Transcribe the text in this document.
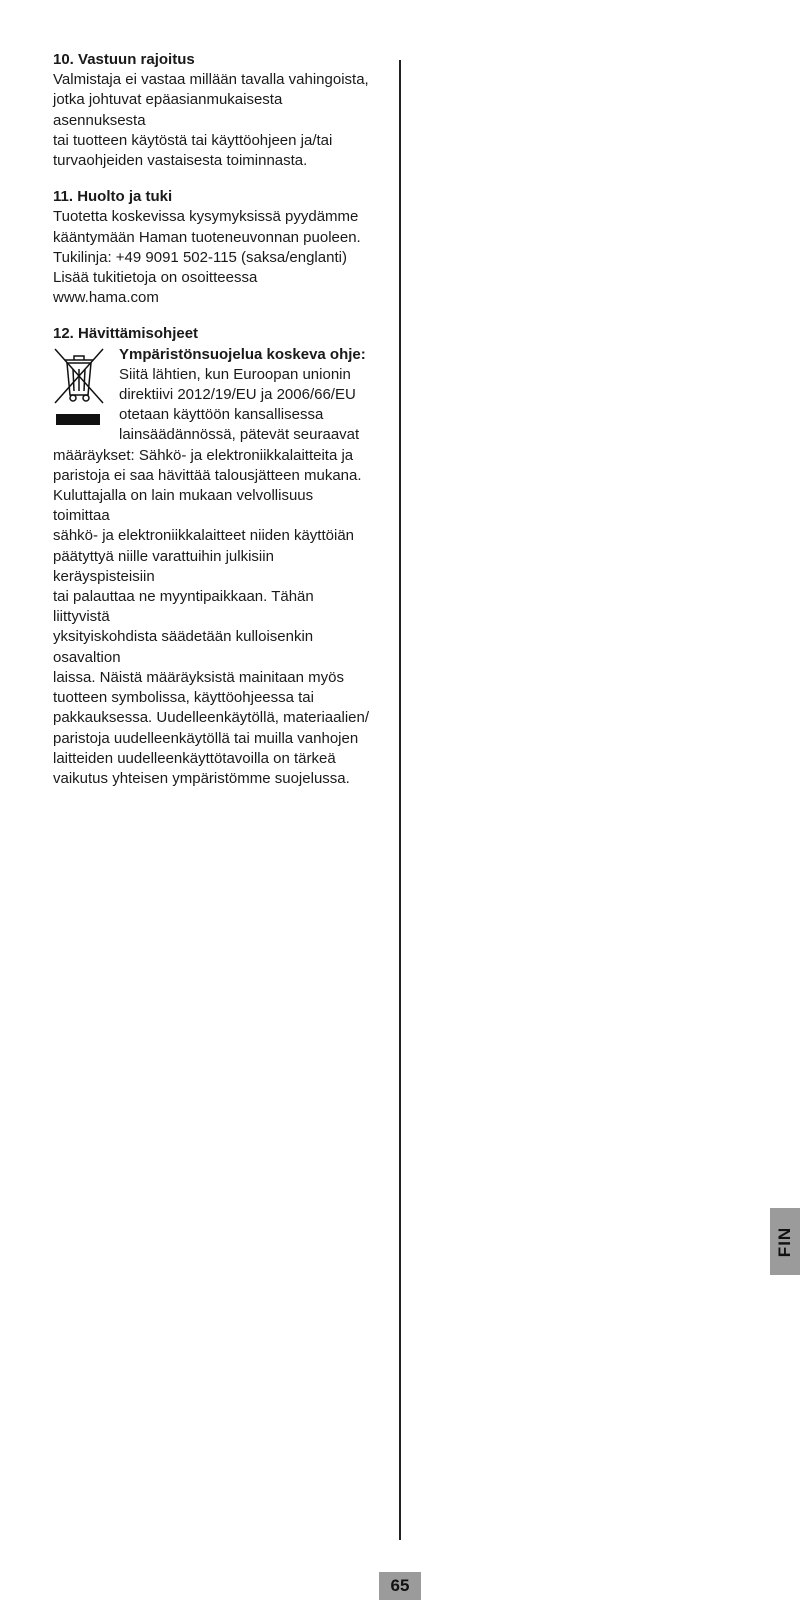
10. Vastuun rajoitus

Valmistaja ei vastaa millään tavalla vahingoista,

jotka johtuvat epäasianmukaisesta asennuksesta

tai tuotteen käytöstä tai käyttöohjeen ja/tai

turvaohjeiden vastaisesta toiminnasta.

11. Huolto ja tuki

Tuotetta koskevissa kysymyksissä pyydämme

kääntymään Haman tuoteneuvonnan puoleen.

Tukilinja: +49 9091 502-115 (saksa/englanti)

Lisää tukitietoja on osoitteessa

www.hama.com

12. Hävittämisohjeet
Ympäristönsuojelua koskeva ohje:

Siitä lähtien, kun Euroopan unionin

direktiivi 2012/19/EU ja 2006/66/EU

otetaan käyttöön kansallisessa

lainsäädännössä, pätevät seuraavat

määräykset: Sähkö- ja elektroniikkalaitteita ja

paristoja ei saa hävittää talousjätteen mukana.

Kuluttajalla on lain mukaan velvollisuus toimittaa

sähkö- ja elektroniikkalaitteet niiden käyttöiän

päätyttyä niille varattuihin julkisiin keräyspisteisiin

tai palauttaa ne myyntipaikkaan. Tähän liittyvistä

yksityiskohdista säädetään kulloisenkin osavaltion

laissa. Näistä määräyksistä mainitaan myös

tuotteen symbolissa, käyttöohjeessa tai

pakkauksessa. Uudelleenkäytöllä, materiaalien/

paristoja uudelleenkäytöllä tai muilla vanhojen

laitteiden uudelleenkäyttötavoilla on tärkeä

vaikutus yhteisen ympäristömme suojelussa.

FIN
65
